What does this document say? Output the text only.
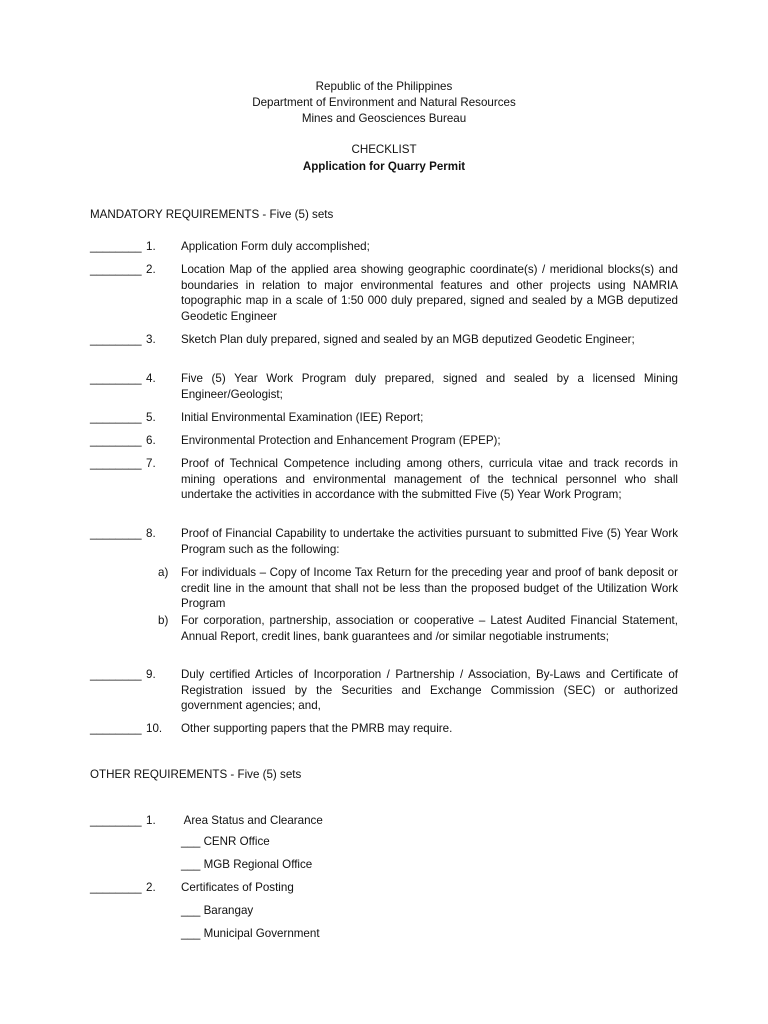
Republic of the Philippines
Department of Environment and Natural Resources
Mines and Geosciences Bureau
CHECKLIST
Application for Quarry Permit
MANDATORY REQUIREMENTS - Five (5) sets
________ 1. Application Form duly accomplished;
________ 2. Location Map of the applied area showing geographic coordinate(s) / meridional blocks(s) and boundaries in relation to major environmental features and other projects using NAMRIA topographic map in a scale of 1:50 000 duly prepared, signed and sealed by a MGB deputized Geodetic Engineer
________ 3. Sketch Plan duly prepared, signed and sealed by an MGB deputized Geodetic Engineer;
________ 4. Five (5) Year Work Program duly prepared, signed and sealed by a licensed Mining Engineer/Geologist;
________ 5. Initial Environmental Examination (IEE) Report;
________ 6. Environmental Protection and Enhancement Program (EPEP);
________ 7. Proof of Technical Competence including among others, curricula vitae and track records in mining operations and environmental management of the technical personnel who shall undertake the activities in accordance with the submitted Five (5) Year Work Program;
________ 8. Proof of Financial Capability to undertake the activities pursuant to submitted Five (5) Year Work Program such as the following:
a) For individuals – Copy of Income Tax Return for the preceding year and proof of bank deposit or credit line in the amount that shall not be less than the proposed budget of the Utilization Work Program
b) For corporation, partnership, association or cooperative – Latest Audited Financial Statement, Annual Report, credit lines, bank guarantees and /or similar negotiable instruments;
________ 9. Duly certified Articles of Incorporation / Partnership / Association, By-Laws and Certificate of Registration issued by the Securities and Exchange Commission (SEC) or authorized government agencies; and,
________ 10. Other supporting papers that the PMRB may require.
OTHER REQUIREMENTS - Five (5) sets
________ 1. Area Status and Clearance
___ CENR Office
___ MGB Regional Office
________ 2. Certificates of Posting
___ Barangay
___ Municipal Government
